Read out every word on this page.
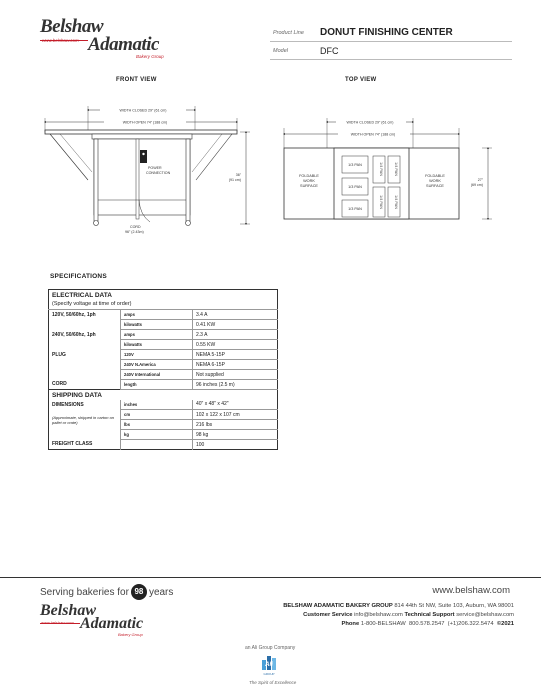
Belshaw
www.belshaw.com Adamatic
Bakery Group
Product Line	DONUT FINISHING CENTER
Model	DFC
FRONT VIEW	TOP VIEW
WIDTH CLOSED 29" (61 cm)
WIDTH OPEN 74" (188 cm)
POWER
CONNECTION
CORD
96" (2.43m)
36"
(91 cm)
WIDTH CLOSED 29" (61 cm)
WIDTH OPEN 74" (188 cm)
FOLDABLE
WORK
SURFACE
FOLDABLE
WORK
SURFACE
1/3 PAN
1/3 PAN
1/3 PAN
1/4 PAN	1/4 PAN
1/4 PAN	1/4 PAN
27"
(69 cm)
SPECIFICATIONS
ELECTRICAL DATA		
(Specify voltage at time of order)		
120V, 50/60hz, 1ph	amps	3.4 A
	kilowatts	0.41 KW
240V, 50/60hz, 1ph	amps	2.3 A
	kilowatts	0.55 KW
PLUG	120V	NEMA 5-15P
	240V N.America	NEMA 6-15P
	240V International	Not supplied
CORD	length	96 inches (2.5 m)
SHIPPING DATA		
DIMENSIONS	inches	40" x 48" x 42"
(Approximate, shipped in carton on pallet or crate)	cm	102 x 122 x 107 cm
	lbs	216 lbs
	kg	98 kg
FREIGHT CLASS		100
Serving bakeries for 98 years	www.belshaw.com
Belshaw
www.belshaw.com Adamatic
Bakery Group
BELSHAW ADAMATIC BAKERY GROUP 814 44th St NW, Suite 103, Auburn, WA 98001
Customer Service info@belshaw.com Technical Support service@belshaw.com
Phone 1-800-BELSHAW 800.578.2547 (+1)206.322.5474 ©2021
an Ali Group Company
Ali
GROUP
The Spirit of Excellence
